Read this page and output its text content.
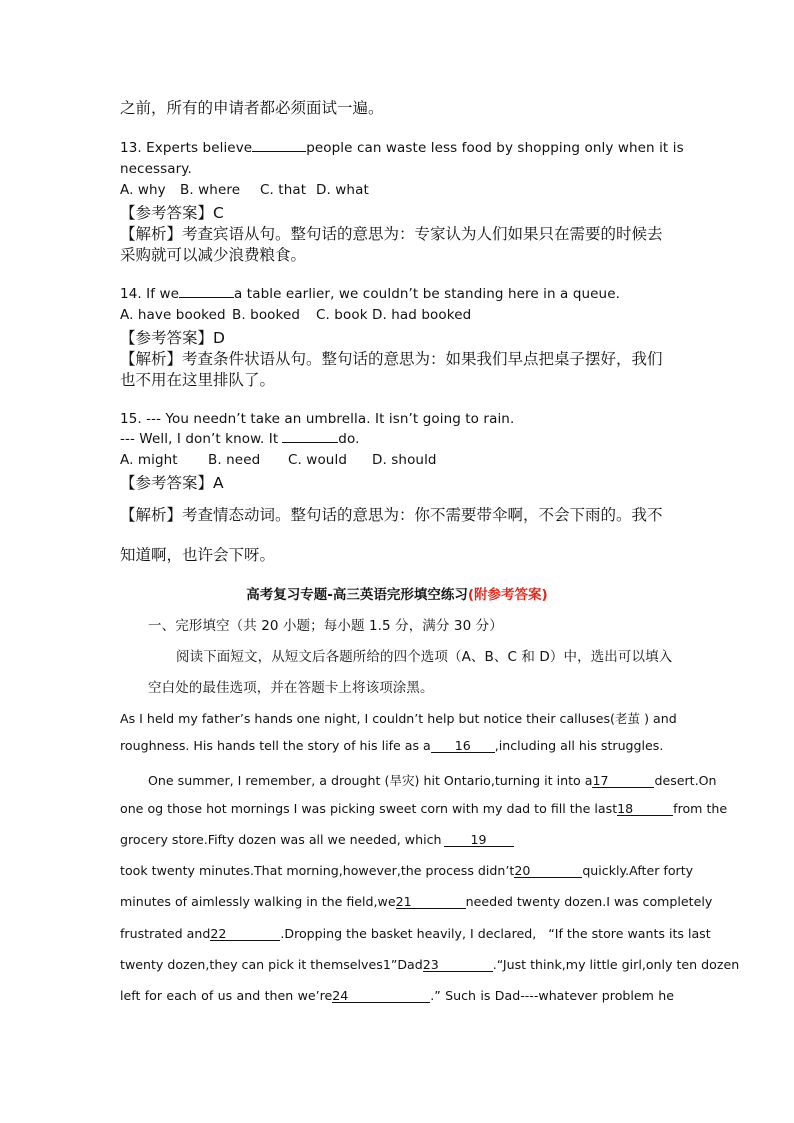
之前，所有的申请者都必须面试一遍。
13. Experts believe	people can waste less food by shopping only when it is
necessary.
A. why B. where C. that D. what
【参考答案】C
【解析】考查宾语从句。整句话的意思为：专家认为人们如果只在需要的时候去
采购就可以减少浪费粮食。
14. If we	a table earlier, we couldn’t be standing here in a queue.
A. have booked B. booked C. book D. had booked
【参考答案】D
【解析】考查条件状语从句。整句话的意思为：如果我们早点把桌子摆好，我们
也不用在这里排队了。
15. --- You needn’t take an umbrella. It isn’t going to rain.
--- Well, I don’t know. It	do.
A. might B. need C. would D. should
【参考答案】A
【解析】考查情态动词。整句话的意思为：你不需要带伞啊，不会下雨的。我不
知道啊，也许会下呀。
高考复习专题-高三英语完形填空练习(附参考答案)
一、完形填空（共 20 小题；每小题 1.5 分，满分 30 分）
阅读下面短文，从短文后各题所给的四个选项（A、B、C 和 D）中，选出可以填入
空白处的最佳选项，并在答题卡上将该项涂黑。
As I held my father’s hands one night, I couldn’t help but notice their calluses(老茧 ) and
roughness. His hands tell the story of his life as a 16 ,including all his struggles.
One summer, I remember, a drought (旱灾) hit Ontario,turning it into a17	desert.On
one og those hot mornings I was picking sweet corn with my dad to fill the last18	from the
grocery store.Fifty dozen was all we needed, which 19
took twenty minutes.That morning,however,the process didn’t20	quickly.After forty
minutes of aimlessly walking in the field,we21	needed twenty dozen.I was completely
frustrated and22	.Dropping the basket heavily, I declared,   “If the store wants its last
twenty dozen,they can pick it themselves1”Dad23	.“Just think,my little girl,only ten dozen
left for each of us and then we’re24	.” Such is Dad----whatever problem he
